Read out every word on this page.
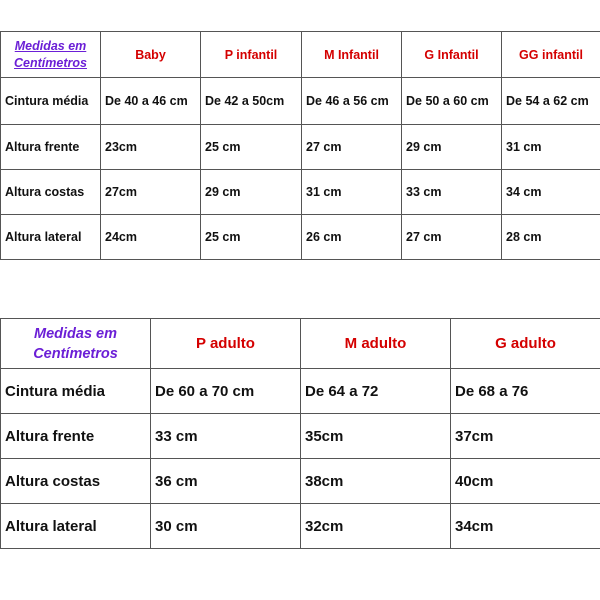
Medidas em
Centímetros	Baby	P infantil	M Infantil	G Infantil	GG infantil
Cintura média	De 40 a 46 cm	De 42 a 50cm	De 46 a 56 cm	De 50 a 60 cm	De 54 a 62 cm
Altura frente	23cm	25 cm	27 cm	29 cm	31 cm
Altura costas	27cm	29 cm	31 cm	33 cm	34 cm
Altura lateral	24cm	25 cm	26 cm	27 cm	28 cm
Medidas em
Centímetros	P adulto	M adulto	G adulto
Cintura média	De 60 a 70 cm	De 64 a 72	De 68 a 76
Altura frente	33 cm	35cm	37cm
Altura costas	36 cm	38cm	40cm
Altura lateral	30 cm	32cm	34cm
